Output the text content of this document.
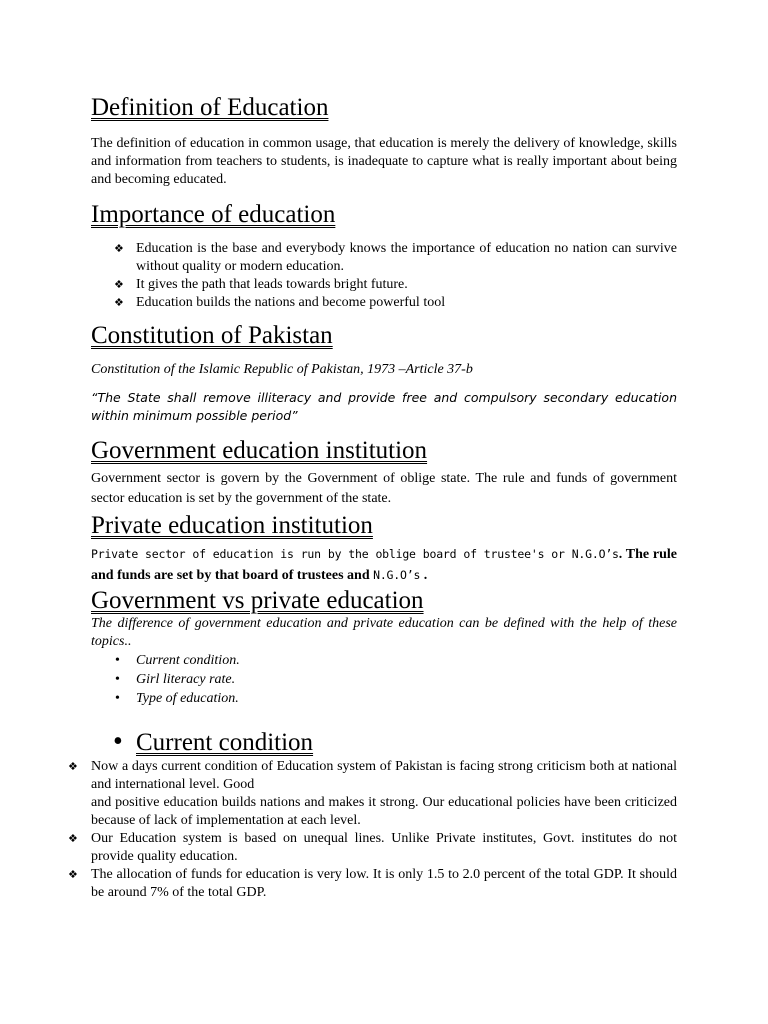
Definition of Education

The definition of education in common usage, that education is merely the delivery of knowledge, skills and information from teachers to students, is inadequate to capture what is really important about being and becoming educated.

Importance of education
❖ Education is the base and everybody knows the importance of education no nation can survive without quality or modern education.
❖ It gives the path that leads towards bright future.
❖ Education builds the nations and become powerful tool
Constitution of Pakistan

Constitution of the Islamic Republic of Pakistan, 1973 –Article 37-b

“The State shall remove illiteracy and provide free and compulsory secondary education within minimum possible period”

Government education institution

Government sector is govern by the Government of oblige state. The rule and funds of government sector education is set by the government of the state.

Private education institution

Private sector of education is run by the oblige board of trustee's or N.G.O’s. The rule and funds are set by that board of trustees and N.G.O’s .

Government vs private education

The difference of government education and private education can be defined with the help of these topics..

• Current condition.
• Girl literacy rate.
• Type of education.
• Current condition
❖ Now a days current condition of Education system of Pakistan is facing strong criticism both at national and international level. Good
and positive education builds nations and makes it strong. Our educational policies have been criticized because of lack of implementation at each level.
❖ Our Education system is based on unequal lines. Unlike Private institutes, Govt. institutes do not provide quality education.
❖ The allocation of funds for education is very low. It is only 1.5 to 2.0 percent of the total GDP. It should be around 7% of the total GDP.
